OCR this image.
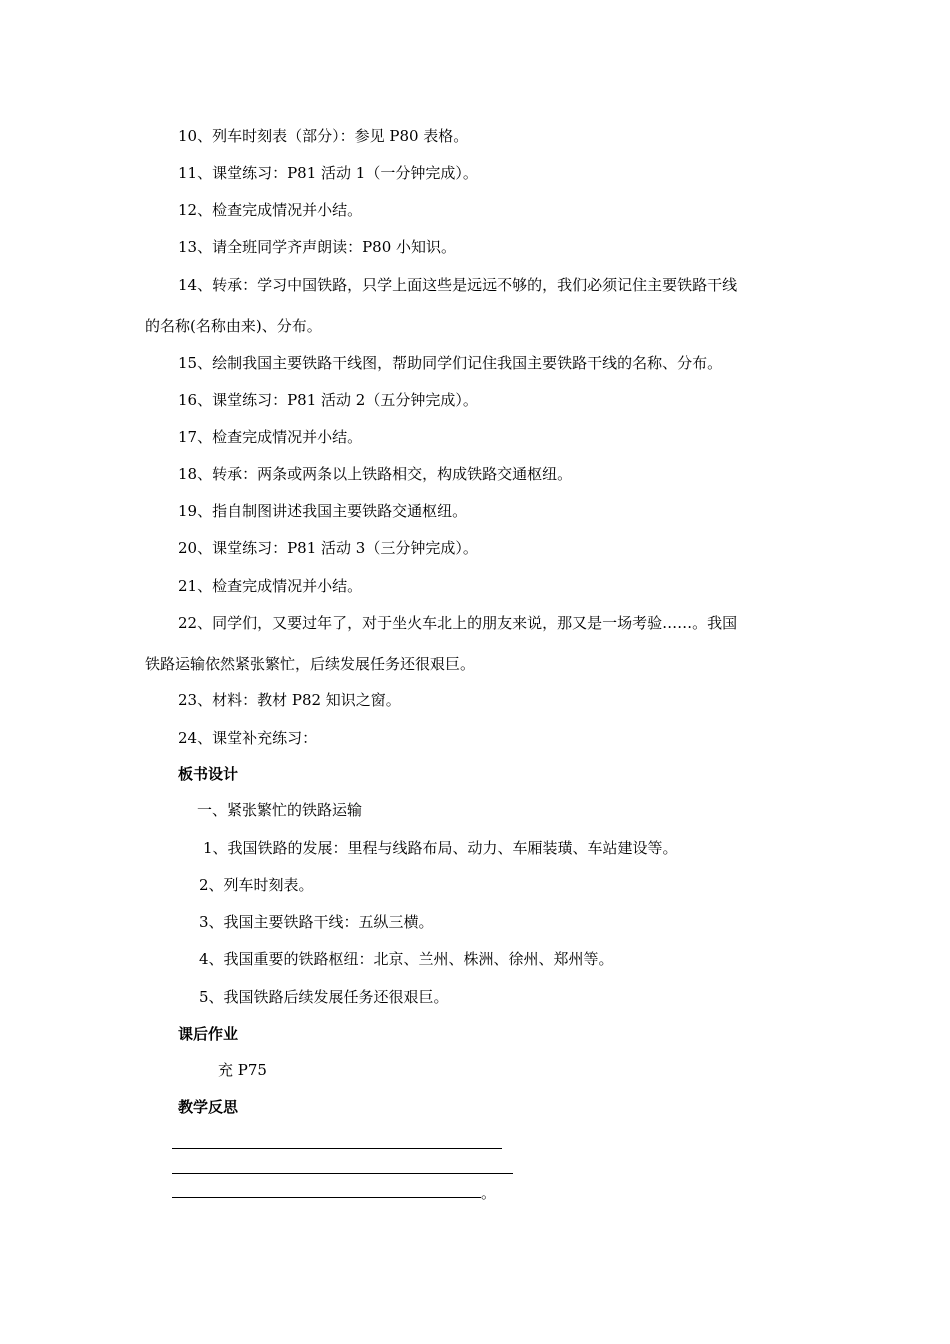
10、列车时刻表（部分）：参见 P80 表格。
11、课堂练习：P81 活动 1（一分钟完成）。
12、检查完成情况并小结。
13、请全班同学齐声朗读：P80 小知识。
14、转承：学习中国铁路，只学上面这些是远远不够的，我们必须记住主要铁路干线
的名称(名称由来)、分布。
15、绘制我国主要铁路干线图，帮助同学们记住我国主要铁路干线的名称、分布。
16、课堂练习：P81 活动 2（五分钟完成）。
17、检查完成情况并小结。
18、转承：两条或两条以上铁路相交，构成铁路交通枢纽。
19、指自制图讲述我国主要铁路交通枢纽。
20、课堂练习：P81 活动 3（三分钟完成）。
21、检查完成情况并小结。
22、同学们，又要过年了，对于坐火车北上的朋友来说，那又是一场考验……。我国
铁路运输依然紧张繁忙，后续发展任务还很艰巨。
23、材料：教材 P82 知识之窗。
24、课堂补充练习：
板书设计
一、紧张繁忙的铁路运输
1、我国铁路的发展：里程与线路布局、动力、车厢装璜、车站建设等。
2、列车时刻表。
3、我国主要铁路干线：五纵三横。
4、我国重要的铁路枢纽：北京、兰州、株洲、徐州、郑州等。
5、我国铁路后续发展任务还很艰巨。
课后作业
充 P75
教学反思
。
